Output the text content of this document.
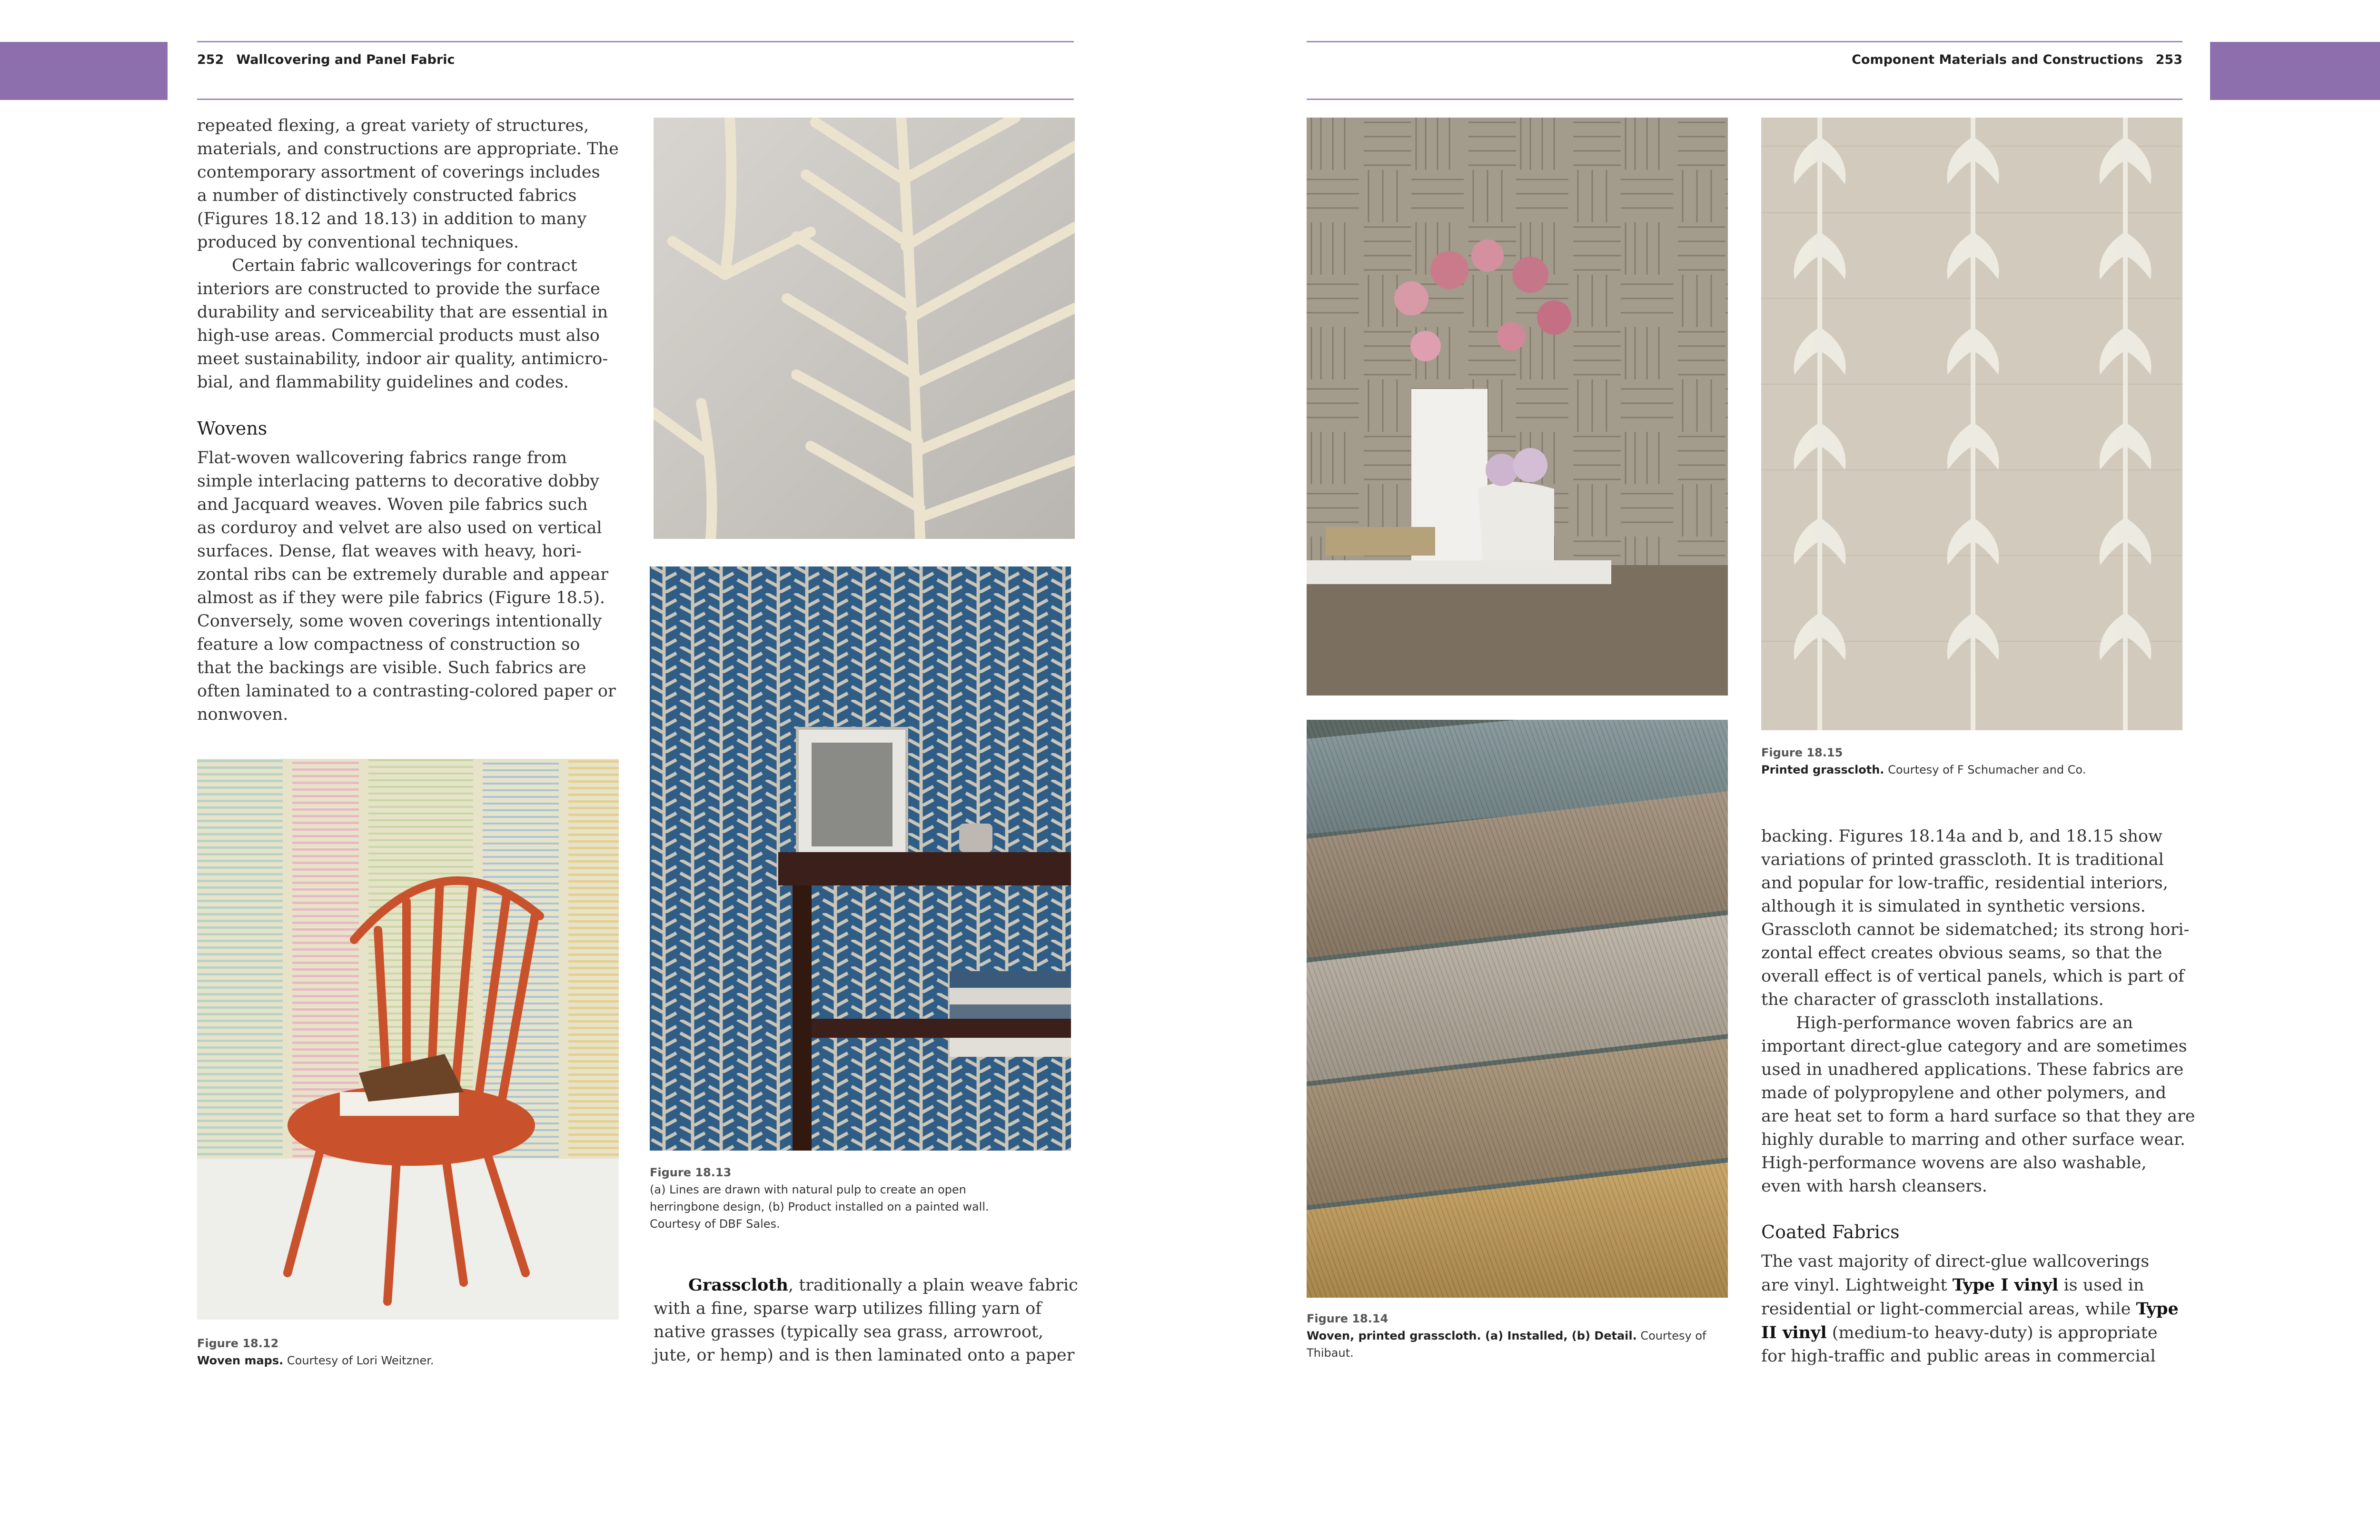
252 Wallcovering and Panel Fabric	Component Materials and Constructions 253

repeated flexing, a great variety of structures,

materials, and constructions are appropriate. The

contemporary assortment of coverings includes

a number of distinctively constructed fabrics

(Figures 18.12 and 18.13) in addition to many

produced by conventional techniques.

Certain fabric wallcoverings for contract

interiors are constructed to provide the surface

durability and serviceability that are essential in

high-use areas. Commercial products must also

meet sustainability, indoor air quality, antimicro-

bial, and flammability guidelines and codes.

Wovens

Flat-woven wallcovering fabrics range from

simple interlacing patterns to decorative dobby

and Jacquard weaves. Woven pile fabrics such

as corduroy and velvet are also used on vertical

surfaces. Dense, flat weaves with heavy, hori-

zontal ribs can be extremely durable and appear

almost as if they were pile fabrics (Figure 18.5).

Conversely, some woven coverings intentionally

feature a low compactness of construction so

that the backings are visible. Such fabrics are

often laminated to a contrasting-colored paper or

nonwoven.

Figure 18.13
(a) Lines are drawn with natural pulp to create an open
herringbone design, (b) Product installed on a painted wall.
Courtesy of DBF Sales.
Figure 18.12
Woven maps. Courtesy of Lori Weitzner.

Grasscloth, traditionally a plain weave fabric

with a fine, sparse warp utilizes filling yarn of

native grasses (typically sea grass, arrowroot,

jute, or hemp) and is then laminated onto a paper

Figure 18.15
Printed grasscloth. Courtesy of F Schumacher and Co.
Figure 18.14
Woven, printed grasscloth. (a) Installed, (b) Detail. Courtesy of
Thibaut.

backing. Figures 18.14a and b, and 18.15 show

variations of printed grasscloth. It is traditional

and popular for low-traffic, residential interiors,

although it is simulated in synthetic versions.

Grasscloth cannot be sidematched; its strong hori-

zontal effect creates obvious seams, so that the

overall effect is of vertical panels, which is part of

the character of grasscloth installations.

High-performance woven fabrics are an

important direct-glue category and are sometimes

used in unadhered applications. These fabrics are

made of polypropylene and other polymers, and

are heat set to form a hard surface so that they are

highly durable to marring and other surface wear.

High-performance wovens are also washable,

even with harsh cleansers.

Coated Fabrics

The vast majority of direct-glue wallcoverings

are vinyl. Lightweight Type I vinyl is used in

residential or light-commercial areas, while Type

II vinyl (medium-to heavy-duty) is appropriate

for high-traffic and public areas in commercial
